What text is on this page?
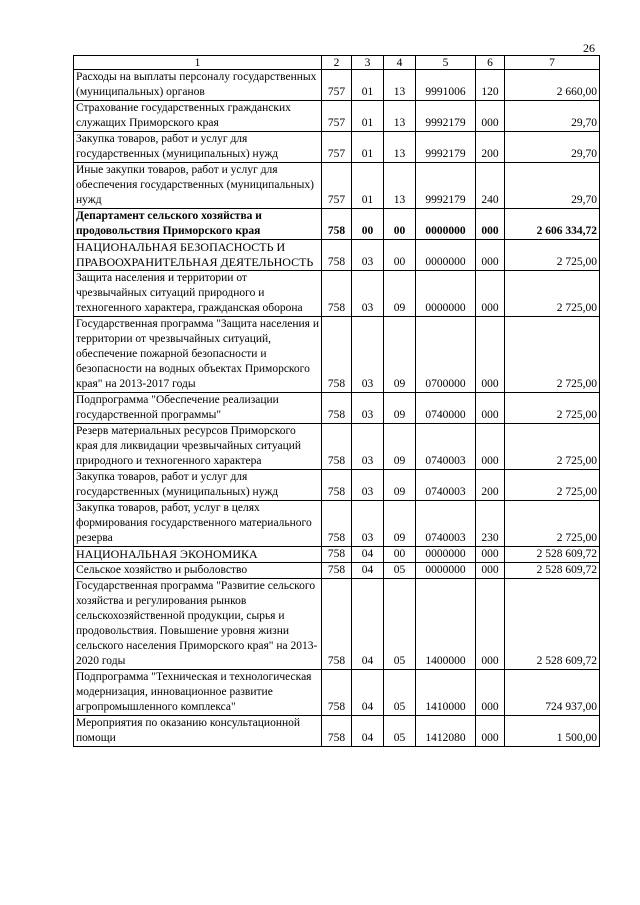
26
1	2	3	4	5	6	7
Расходы на выплаты персоналу государственных (муниципальных) органов	757	01	13	9991006	120	2 660,00
Страхование государственных гражданских служащих Приморского края	757	01	13	9992179	000	29,70
Закупка товаров, работ и услуг для государственных (муниципальных) нужд	757	01	13	9992179	200	29,70
Иные закупки товаров, работ и услуг для обеспечения государственных (муниципальных) нужд	757	01	13	9992179	240	29,70
Департамент сельского хозяйства и продовольствия Приморского края	758	00	00	0000000	000	2 606 334,72
НАЦИОНАЛЬНАЯ БЕЗОПАСНОСТЬ И ПРАВООХРАНИТЕЛЬНАЯ ДЕЯТЕЛЬНОСТЬ	758	03	00	0000000	000	2 725,00
Защита населения и территории от чрезвычайных ситуаций природного и техногенного характера, гражданская оборона	758	03	09	0000000	000	2 725,00
Государственная программа "Защита населения и территории от чрезвычайных ситуаций, обеспечение пожарной безопасности и безопасности на водных объектах Приморского края" на 2013-2017 годы	758	03	09	0700000	000	2 725,00
Подпрограмма "Обеспечение реализации государственной программы"	758	03	09	0740000	000	2 725,00
Резерв материальных ресурсов Приморского края для ликвидации чрезвычайных ситуаций природного и техногенного характера	758	03	09	0740003	000	2 725,00
Закупка товаров, работ и услуг для государственных (муниципальных) нужд	758	03	09	0740003	200	2 725,00
Закупка товаров, работ, услуг в целях формирования государственного материального резерва	758	03	09	0740003	230	2 725,00
НАЦИОНАЛЬНАЯ ЭКОНОМИКА	758	04	00	0000000	000	2 528 609,72
Сельское хозяйство и рыболовство	758	04	05	0000000	000	2 528 609,72
Государственная программа "Развитие сельского хозяйства и регулирования рынков сельскохозяйственной продукции, сырья и продовольствия. Повышение уровня жизни сельского населения Приморского края" на 2013-2020 годы	758	04	05	1400000	000	2 528 609,72
Подпрограмма "Техническая и технологическая модернизация, инновационное развитие агропромышленного комплекса"	758	04	05	1410000	000	724 937,00
Мероприятия по оказанию консультационной помощи	758	04	05	1412080	000	1 500,00
